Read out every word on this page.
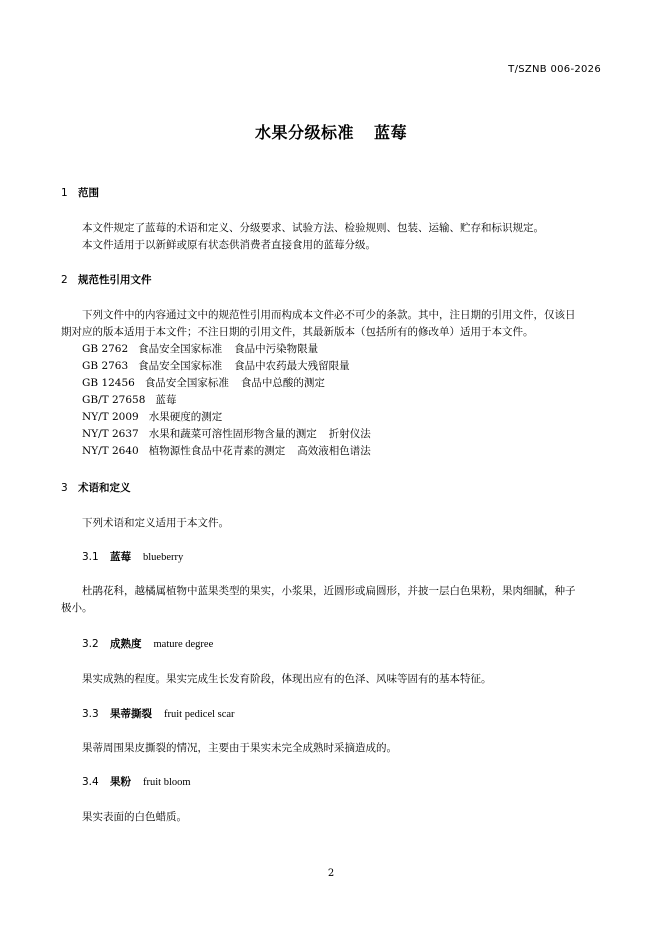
T/SZNB 006-2026
水果分级标准 蓝莓
1 范围
本文件规定了蓝莓的术语和定义、分级要求、试验方法、检验规则、包装、运输、贮存和标识规定。
本文件适用于以新鲜或原有状态供消费者直接食用的蓝莓分级。
2 规范性引用文件
下列文件中的内容通过文中的规范性引用而构成本文件必不可少的条款。其中，注日期的引用文件，仅该日
期对应的版本适用于本文件；不注日期的引用文件，其最新版本（包括所有的修改单）适用于本文件。
GB 2762 食品安全国家标准 食品中污染物限量
GB 2763 食品安全国家标准 食品中农药最大残留限量
GB 12456 食品安全国家标准 食品中总酸的测定
GB/T 27658 蓝莓
NY/T 2009 水果硬度的测定
NY/T 2637 水果和蔬菜可溶性固形物含量的测定 折射仪法
NY/T 2640 植物源性食品中花青素的测定 高效液相色谱法
3 术语和定义
下列术语和定义适用于本文件。
3.1 蓝莓 blueberry
杜鹃花科，越橘属植物中蓝果类型的果实，小浆果，近圆形或扁圆形，并披一层白色果粉，果肉细腻，种子
极小。
3.2 成熟度 mature degree
果实成熟的程度。果实完成生长发育阶段，体现出应有的色泽、风味等固有的基本特征。
3.3 果蒂撕裂 fruit pedicel scar
果蒂周围果皮撕裂的情况，主要由于果实未完全成熟时采摘造成的。
3.4 果粉 fruit bloom
果实表面的白色蜡质。
2
